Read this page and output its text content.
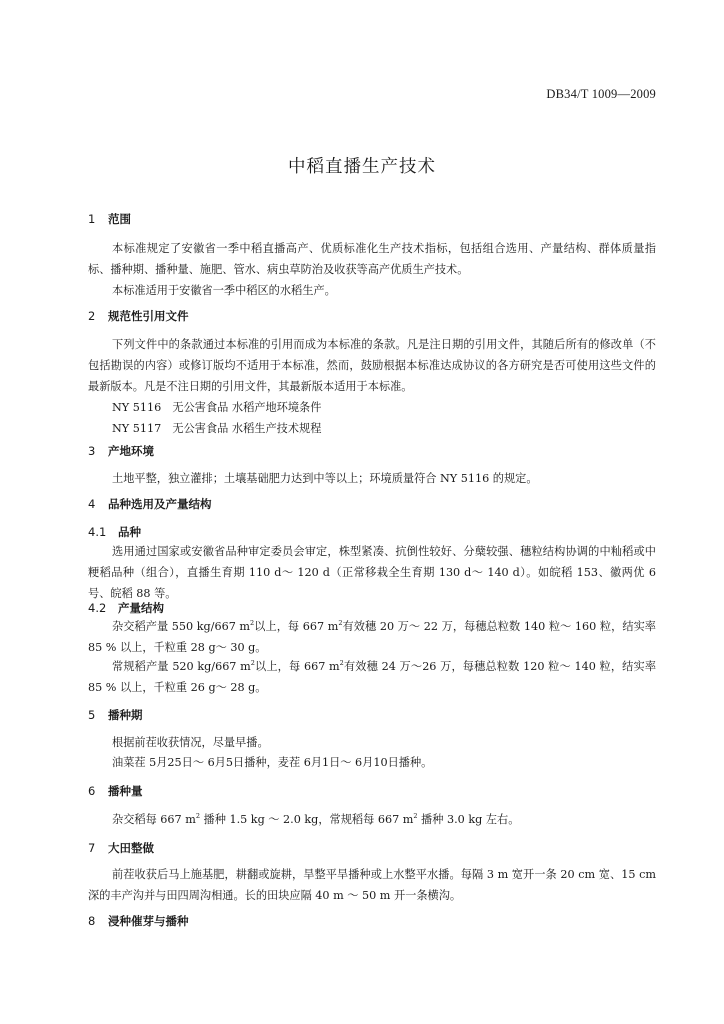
DB34/T 1009—2009
中稻直播生产技术
1 范围
本标准规定了安徽省一季中稻直播高产、优质标准化生产技术指标，包括组合选用、产量结构、群体质量指标、播种期、播种量、施肥、管水、病虫草防治及收获等高产优质生产技术。
本标准适用于安徽省一季中稻区的水稻生产。
2 规范性引用文件
下列文件中的条款通过本标准的引用而成为本标准的条款。凡是注日期的引用文件，其随后所有的修改单（不包括勘误的内容）或修订版均不适用于本标准，然而，鼓励根据本标准达成协议的各方研究是否可使用这些文件的最新版本。凡是不注日期的引用文件，其最新版本适用于本标准。
NY 5116　无公害食品 水稻产地环境条件
NY 5117　无公害食品 水稻生产技术规程
3 产地环境
土地平整，独立灌排；土壤基础肥力达到中等以上；环境质量符合 NY 5116 的规定。
4 品种选用及产量结构
4.1 品种
选用通过国家或安徽省品种审定委员会审定，株型紧凑、抗倒性较好、分蘖较强、穗粒结构协调的中籼稻或中粳稻品种（组合），直播生育期 110 d～ 120 d（正常移栽全生育期 130 d～ 140 d）。如皖稻 153、徽两优 6 号、皖稻 88 等。
4.2 产量结构
杂交稻产量 550 kg/667 $m^2$以上，每 667 $m^2$有效穗 20 万～ 22 万，每穗总粒数 140 粒～ 160 粒，结实率 85 % 以上，千粒重 28 g～ 30 g。
常规稻产量 520 kg/667 $m^2$以上，每 667 $m^2$有效穗 24 万～26 万，每穗总粒数 120 粒～ 140 粒，结实率 85 % 以上，千粒重 26 g～ 28 g。
5 播种期
根据前茬收获情况，尽量早播。
油菜茬 5月25日～ 6月5日播种，麦茬 6月1日～ 6月10日播种。
6 播种量
杂交稻每 667 $m^2$ 播种 1.5 kg ～ 2.0 kg，常规稻每 667 $m^2$ 播种 3.0 kg 左右。
7 大田整做
前茬收获后马上施基肥，耕翻或旋耕，旱整平旱播种或上水整平水播。每隔 3 m 宽开一条 20 cm 宽、15 cm 深的丰产沟并与田四周沟相通。长的田块应隔 40 m ～ 50 m 开一条横沟。
8 浸种催芽与播种
